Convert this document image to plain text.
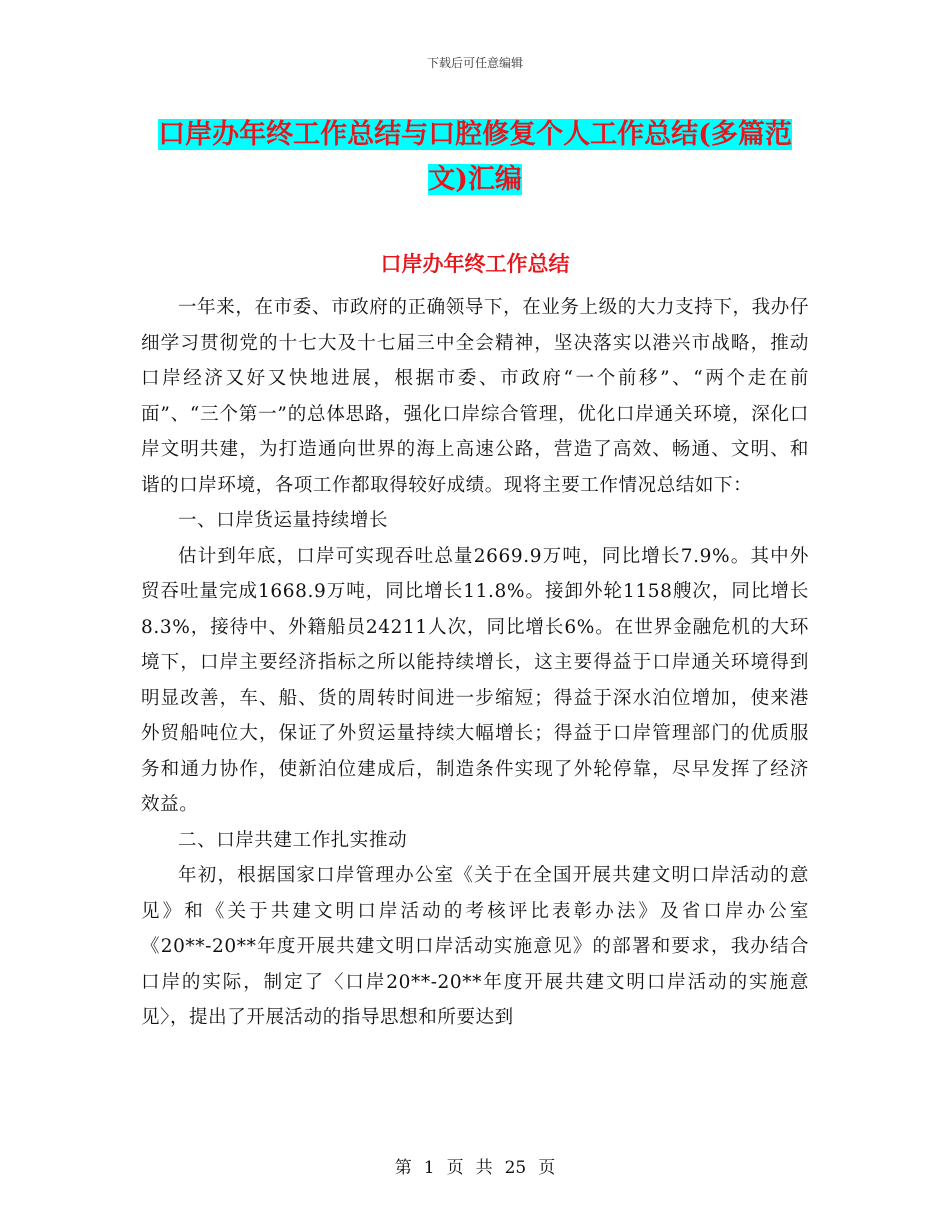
下载后可任意编辑
口岸办年终工作总结与口腔修复个人工作总结(多篇范文)汇编
口岸办年终工作总结

一年来，在市委、市政府的正确领导下，在业务上级的大力支持下，我办仔细学习贯彻党的十七大及十七届三中全会精神，坚决落实以港兴市战略，推动口岸经济又好又快地进展，根据市委、市政府“一个前移”、“两个走在前面”、“三个第一”的总体思路，强化口岸综合管理，优化口岸通关环境，深化口岸文明共建，为打造通向世界的海上高速公路，营造了高效、畅通、文明、和谐的口岸环境，各项工作都取得较好成绩。现将主要工作情况总结如下：

一、口岸货运量持续增长

估计到年底，口岸可实现吞吐总量2669.9万吨，同比增长7.9%。其中外贸吞吐量完成1668.9万吨，同比增长11.8%。接卸外轮1158艘次，同比增长8.3%，接待中、外籍船员24211人次，同比增长6%。在世界金融危机的大环境下，口岸主要经济指标之所以能持续增长，这主要得益于口岸通关环境得到明显改善，车、船、货的周转时间进一步缩短；得益于深水泊位增加，使来港外贸船吨位大，保证了外贸运量持续大幅增长；得益于口岸管理部门的优质服务和通力协作，使新泊位建成后，制造条件实现了外轮停靠，尽早发挥了经济效益。

二、口岸共建工作扎实推动

年初，根据国家口岸管理办公室《关于在全国开展共建文明口岸活动的意见》和《关于共建文明口岸活动的考核评比表彰办法》及省口岸办公室《20**-20**年度开展共建文明口岸活动实施意见》的部署和要求，我办结合口岸的实际，制定了〈口岸20**-20**年度开展共建文明口岸活动的实施意见〉，提出了开展活动的指导思想和所要达到

第 1 页 共 25 页
